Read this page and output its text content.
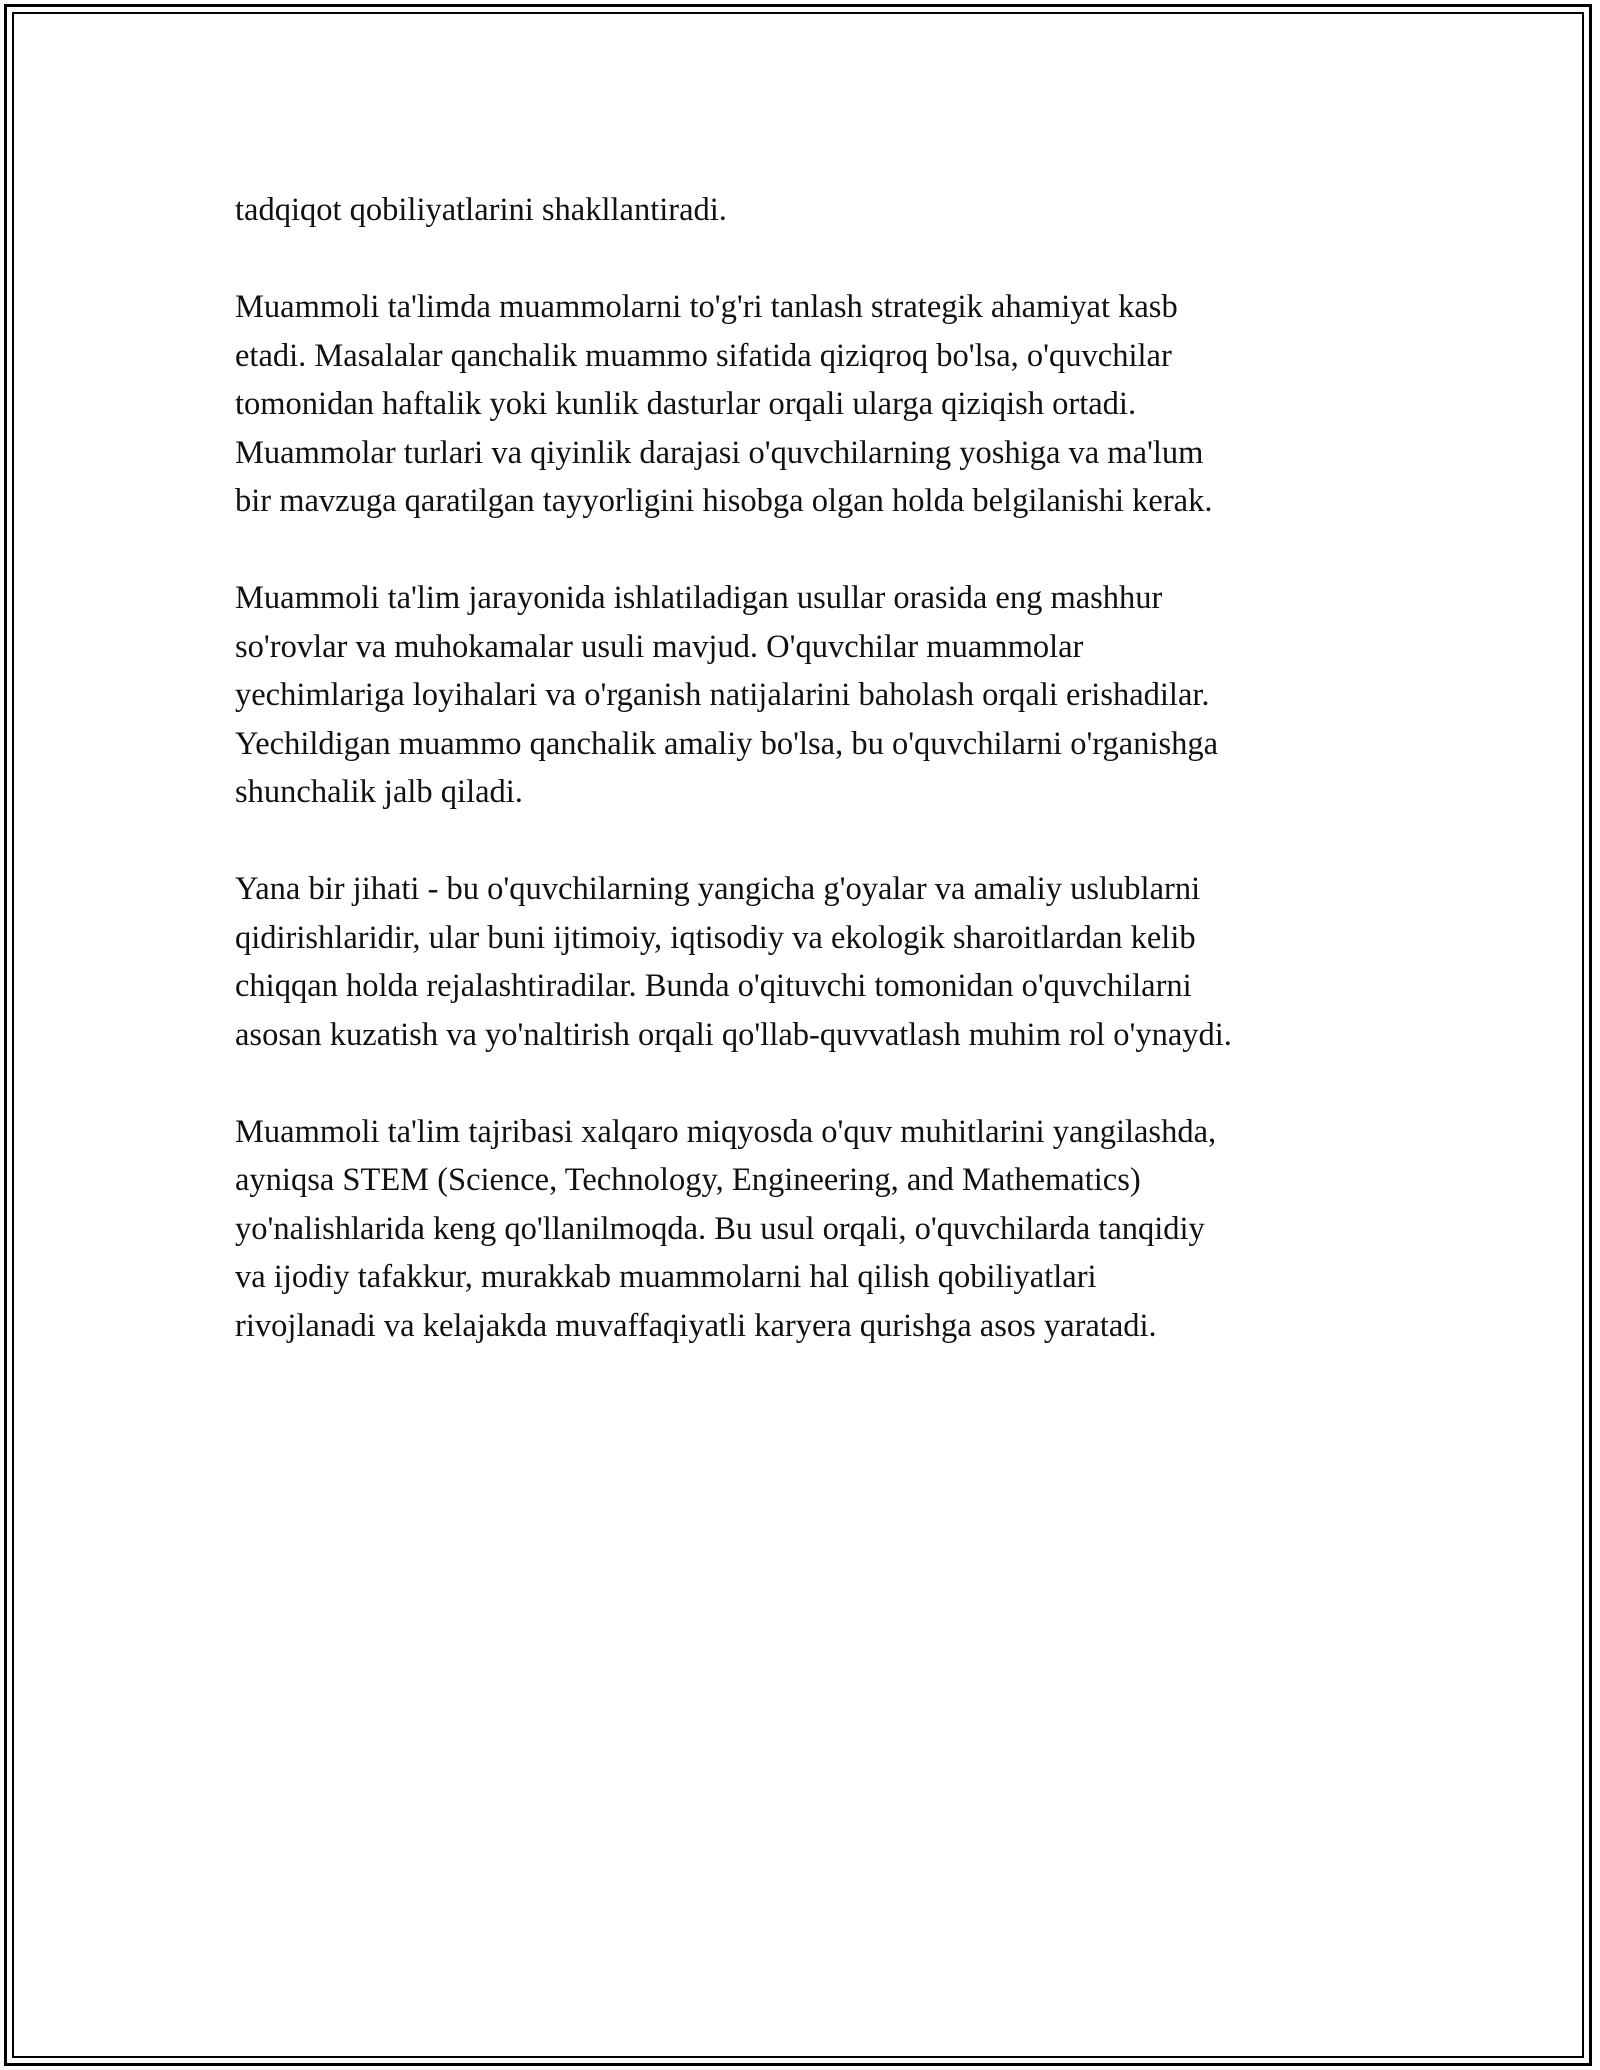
tadqiqot qobiliyatlarini shakllantiradi.

Muammoli ta'limda muammolarni to'g'ri tanlash strategik ahamiyat kasb
etadi. Masalalar qanchalik muammo sifatida qiziqroq bo'lsa, o'quvchilar
tomonidan haftalik yoki kunlik dasturlar orqali ularga qiziqish ortadi.
Muammolar turlari va qiyinlik darajasi o'quvchilarning yoshiga va ma'lum
bir mavzuga qaratilgan tayyorligini hisobga olgan holda belgilanishi kerak.

Muammoli ta'lim jarayonida ishlatiladigan usullar orasida eng mashhur
so'rovlar va muhokamalar usuli mavjud. O'quvchilar muammolar
yechimlariga loyihalari va o'rganish natijalarini baholash orqali erishadilar.
Yechildigan muammo qanchalik amaliy bo'lsa, bu o'quvchilarni o'rganishga
shunchalik jalb qiladi.

Yana bir jihati - bu o'quvchilarning yangicha g'oyalar va amaliy uslublarni
qidirishlaridir, ular buni ijtimoiy, iqtisodiy va ekologik sharoitlardan kelib
chiqqan holda rejalashtiradilar. Bunda o'qituvchi tomonidan o'quvchilarni
asosan kuzatish va yo'naltirish orqali qo'llab-quvvatlash muhim rol o'ynaydi.

Muammoli ta'lim tajribasi xalqaro miqyosda o'quv muhitlarini yangilashda,
ayniqsa STEM (Science, Technology, Engineering, and Mathematics)
yo'nalishlarida keng qo'llanilmoqda. Bu usul orqali, o'quvchilarda tanqidiy
va ijodiy tafakkur, murakkab muammolarni hal qilish qobiliyatlari
rivojlanadi va kelajakda muvaffaqiyatli karyera qurishga asos yaratadi.
